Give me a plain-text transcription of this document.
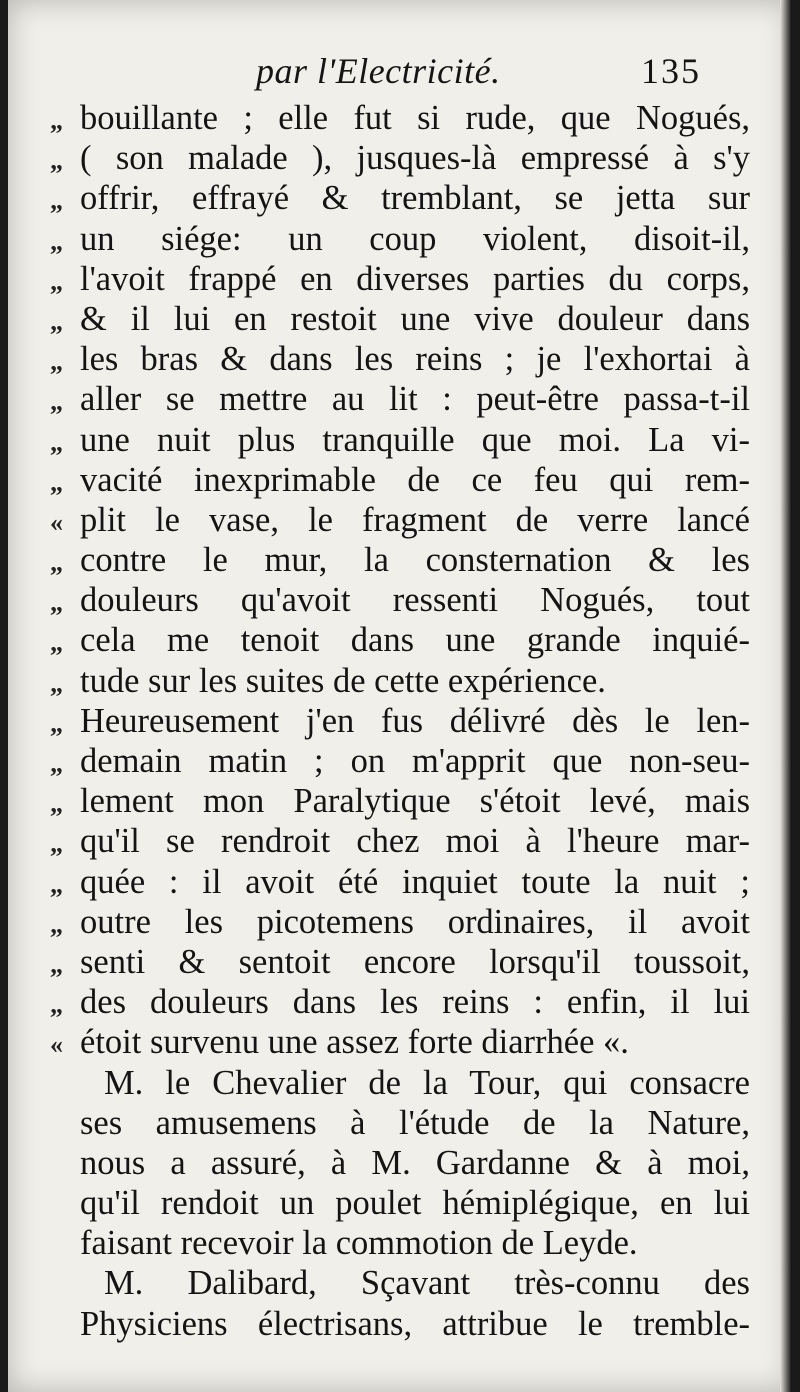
par l'Electricité.	135
„ bouillante ; elle fut si rude, que Nogués,
„ ( son malade ), jusques-là empressé à s'y
„ offrir, effrayé & tremblant, se jetta sur
„ un siége: un coup violent, disoit-il,
„ l'avoit frappé en diverses parties du corps,
„ & il lui en restoit une vive douleur dans
„ les bras & dans les reins ; je l'exhortai à
„ aller se mettre au lit : peut-être passa-t-il
„ une nuit plus tranquille que moi. La vi-
„ vacité inexprimable de ce feu qui rem-
« plit le vase, le fragment de verre lancé
„ contre le mur, la consternation & les
„ douleurs qu'avoit ressenti Nogués, tout
„ cela me tenoit dans une grande inquié-
„ tude sur les suites de cette expérience.
„ Heureusement j'en fus délivré dès le len-
„ demain matin ; on m'apprit que non-seu-
„ lement mon Paralytique s'étoit levé, mais
„ qu'il se rendroit chez moi à l'heure mar-
„ quée : il avoit été inquiet toute la nuit ;
„ outre les picotemens ordinaires, il avoit
„ senti & sentoit encore lorsqu'il toussoit,
„ des douleurs dans les reins : enfin, il lui
« étoit survenu une assez forte diarrhée «.
M. le Chevalier de la Tour, qui consacre
ses amusemens à l'étude de la Nature,
nous a assuré, à M. Gardanne & à moi,
qu'il rendoit un poulet hémiplégique, en lui
faisant recevoir la commotion de Leyde.
M. Dalibard, Sçavant très-connu des
Physiciens électrisans, attribue le tremble-
